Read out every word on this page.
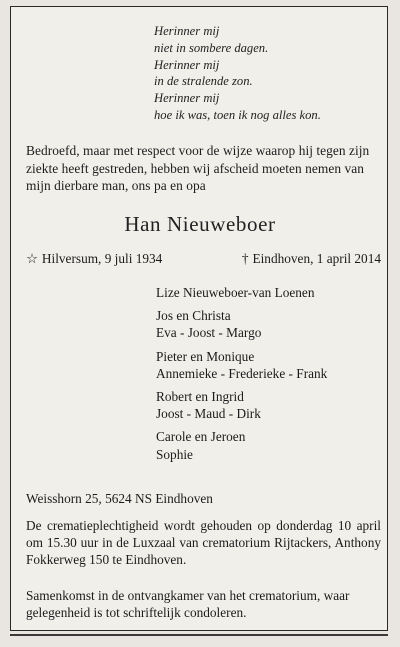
Herinner mij
niet in sombere dagen.
Herinner mij
in de stralende zon.
Herinner mij
hoe ik was, toen ik nog alles kon.
Bedroefd, maar met respect voor de wijze waarop hij tegen zijn ziekte heeft gestreden, hebben wij afscheid moeten nemen van mijn dierbare man, ons pa en opa
Han Nieuweboer
☆ Hilversum, 9 juli 1934	† Eindhoven, 1 april 2014
Lize Nieuweboer-van Loenen
Jos en Christa
Eva - Joost - Margo
Pieter en Monique
Annemieke - Frederieke - Frank
Robert en Ingrid
Joost - Maud - Dirk
Carole en Jeroen
Sophie
Weisshorn 25, 5624 NS Eindhoven
De crematieplechtigheid wordt gehouden op donderdag 10 april om 15.30 uur in de Luxzaal van crematorium Rijtackers, Anthony Fokkerweg 150 te Eindhoven.
Samenkomst in de ontvangkamer van het crematorium, waar gelegenheid is tot schriftelijk condoleren.
